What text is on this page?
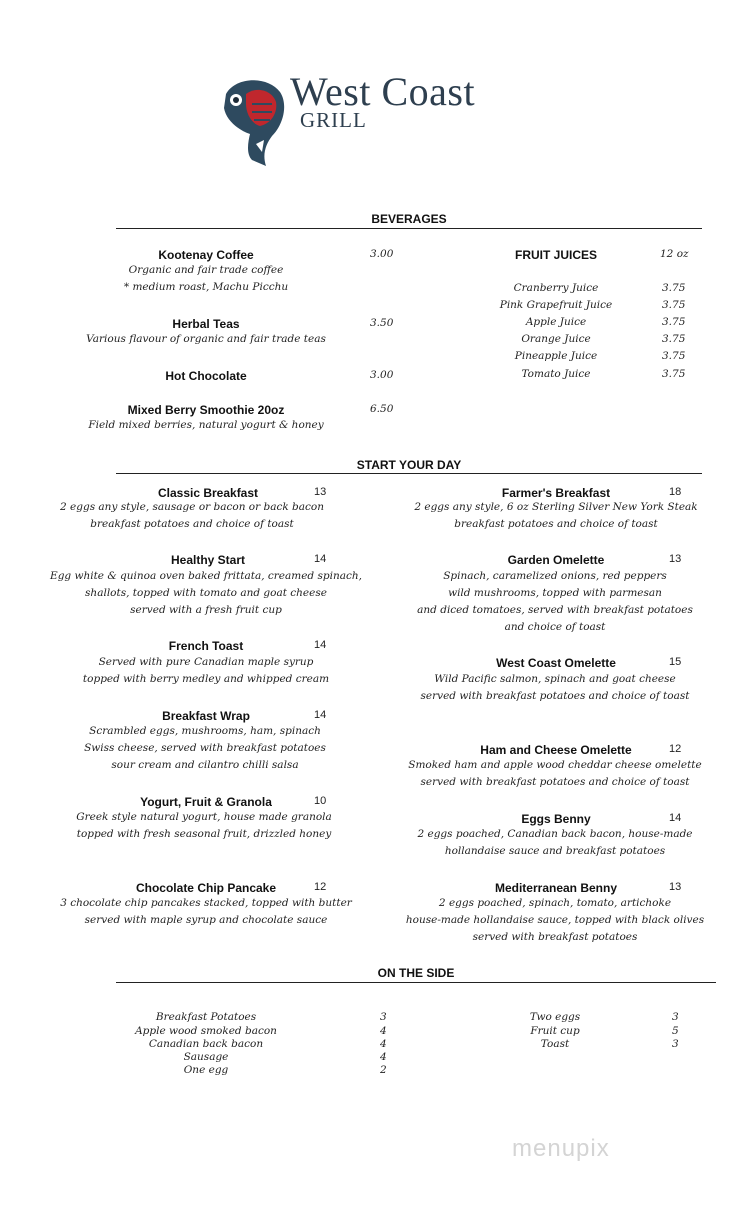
West Coast
GRILL
BEVERAGES
Kootenay Coffee	3.00
Organic and fair trade coffee
* medium roast, Machu Picchu
Herbal Teas	3.50
Various flavour of organic and fair trade teas
Hot Chocolate	3.00
Mixed Berry Smoothie 20oz	6.50
Field mixed berries, natural yogurt & honey
FRUIT JUICES	12 oz
Cranberry Juice	3.75
Pink Grapefruit Juice	3.75
Apple Juice	3.75
Orange Juice	3.75
Pineapple Juice	3.75
Tomato Juice	3.75
START YOUR DAY
Classic Breakfast	13
2 eggs any style, sausage or bacon or back bacon
breakfast potatoes and choice of toast
Healthy Start	14
Egg white & quinoa oven baked frittata, creamed spinach,
shallots, topped with tomato and goat cheese
served with a fresh fruit cup
French Toast	14
Served with pure Canadian maple syrup
topped with berry medley and whipped cream
Breakfast Wrap	14
Scrambled eggs, mushrooms, ham, spinach
Swiss cheese, served with breakfast potatoes
sour cream and cilantro chilli salsa
Yogurt, Fruit & Granola	10
Greek style natural yogurt, house made granola
topped with fresh seasonal fruit, drizzled honey
Chocolate Chip Pancake	12
3 chocolate chip pancakes stacked, topped with butter
served with maple syrup and chocolate sauce
Farmer's Breakfast	18
2 eggs any style, 6 oz Sterling Silver New York Steak
breakfast potatoes and choice of toast
Garden Omelette	13
Spinach, caramelized onions, red peppers
wild mushrooms, topped with parmesan
and diced tomatoes, served with breakfast potatoes
and choice of toast
West Coast Omelette	15
Wild Pacific salmon, spinach and goat cheese
served with breakfast potatoes and choice of toast
Ham and Cheese Omelette	12
Smoked ham and apple wood cheddar cheese omelette
served with breakfast potatoes and choice of toast
Eggs Benny	14
2 eggs poached, Canadian back bacon, house-made
hollandaise sauce and breakfast potatoes
Mediterranean Benny	13
2 eggs poached, spinach, tomato, artichoke
house-made hollandaise sauce, topped with black olives
served with breakfast potatoes
ON THE SIDE
Breakfast Potatoes	3
Apple wood smoked bacon	4
Canadian back bacon	4
Sausage	4
One egg	2
Two eggs	3
Fruit cup	5
Toast	3
menupix
